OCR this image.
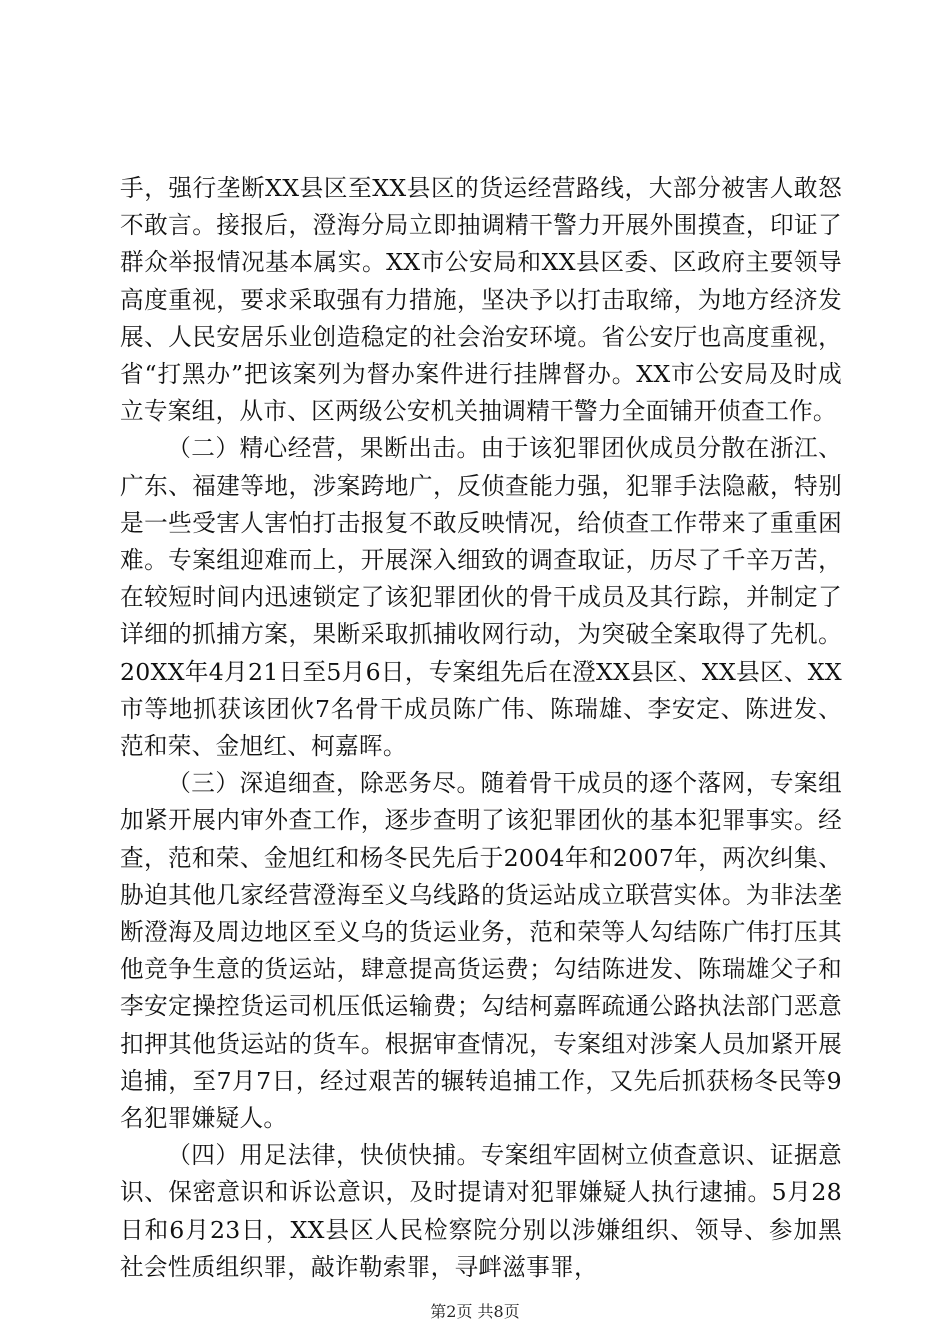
手，强行垄断XX县区至XX县区的货运经营路线，大部分被害人敢怒不敢言。接报后，澄海分局立即抽调精干警力开展外围摸查，印证了群众举报情况基本属实。XX市公安局和XX县区委、区政府主要领导高度重视，要求采取强有力措施，坚决予以打击取缔，为地方经济发展、人民安居乐业创造稳定的社会治安环境。省公安厅也高度重视，省“打黑办”把该案列为督办案件进行挂牌督办。XX市公安局及时成立专案组，从市、区两级公安机关抽调精干警力全面铺开侦查工作。

（二）精心经营，果断出击。由于该犯罪团伙成员分散在浙江、广东、福建等地，涉案跨地广，反侦查能力强，犯罪手法隐蔽，特别是一些受害人害怕打击报复不敢反映情况，给侦查工作带来了重重困难。专案组迎难而上，开展深入细致的调查取证，历尽了千辛万苦，在较短时间内迅速锁定了该犯罪团伙的骨干成员及其行踪，并制定了详细的抓捕方案，果断采取抓捕收网行动，为突破全案取得了先机。20XX年4月21日至5月6日，专案组先后在澄XX县区、XX县区、XX市等地抓获该团伙7名骨干成员陈广伟、陈瑞雄、李安定、陈进发、范和荣、金旭红、柯嘉晖。

（三）深追细查，除恶务尽。随着骨干成员的逐个落网，专案组加紧开展内审外查工作，逐步查明了该犯罪团伙的基本犯罪事实。经查，范和荣、金旭红和杨冬民先后于2004年和2007年，两次纠集、胁迫其他几家经营澄海至义乌线路的货运站成立联营实体。为非法垄断澄海及周边地区至义乌的货运业务，范和荣等人勾结陈广伟打压其他竞争生意的货运站，肆意提高货运费；勾结陈进发、陈瑞雄父子和李安定操控货运司机压低运输费；勾结柯嘉晖疏通公路执法部门恶意扣押其他货运站的货车。根据审查情况，专案组对涉案人员加紧开展追捕，至7月7日，经过艰苦的辗转追捕工作，又先后抓获杨冬民等9名犯罪嫌疑人。

（四）用足法律，快侦快捕。专案组牢固树立侦查意识、证据意识、保密意识和诉讼意识，及时提请对犯罪嫌疑人执行逮捕。5月28日和6月23日，XX县区人民检察院分别以涉嫌组织、领导、参加黑社会性质组织罪，敲诈勒索罪，寻衅滋事罪，

第2页 共8页
